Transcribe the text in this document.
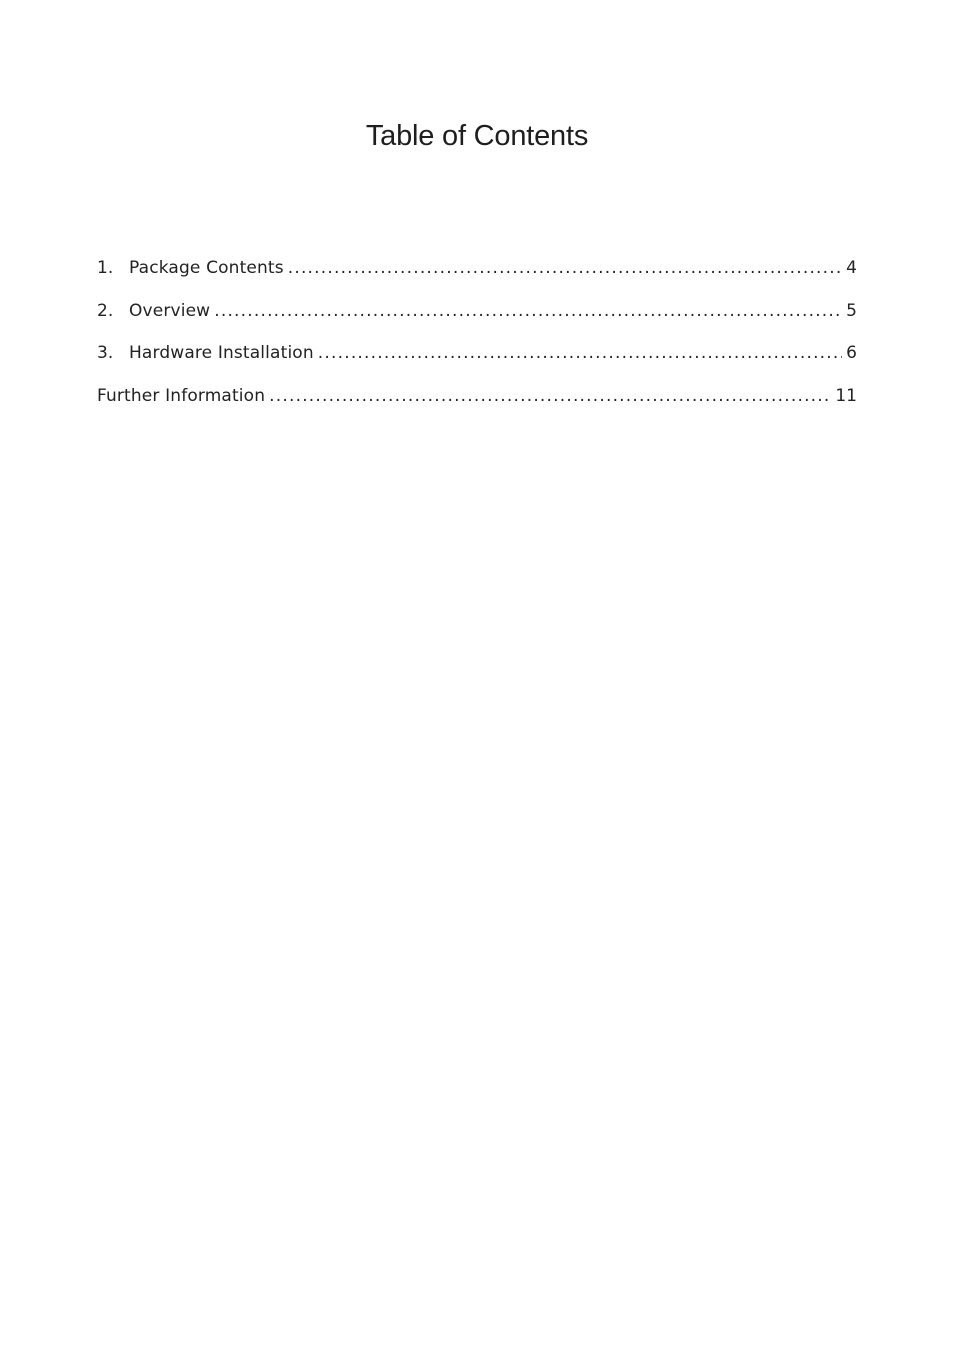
Table of Contents
1. Package Contents .....	4
2. Overview .....	5
3. Hardware Installation .....	6
Further Information .....	11
